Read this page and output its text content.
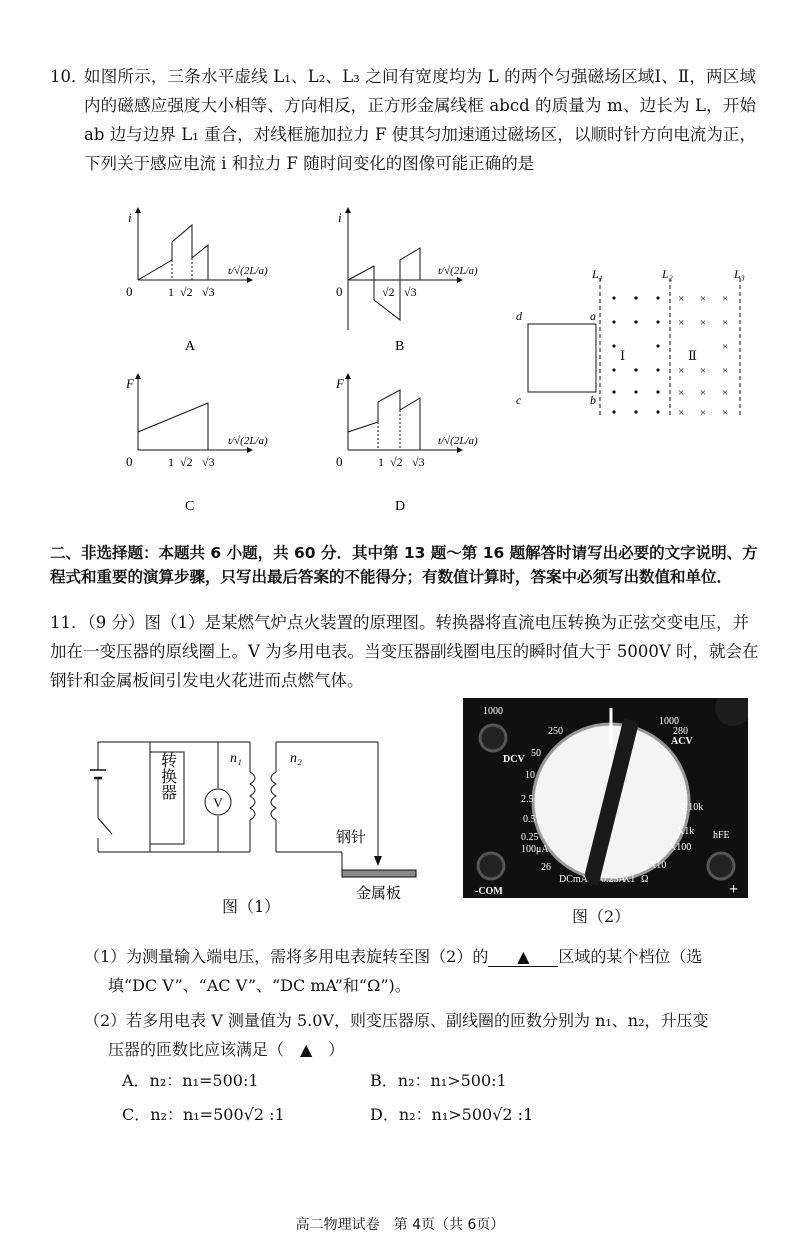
10．
如图所示，三条水平虚线 L₁、L₂、L₃ 之间有宽度均为 L 的两个匀强磁场区域Ⅰ、Ⅱ，两区域内的磁感应强度大小相等、方向相反，正方形金属线框 abcd 的质量为 m、边长为 L，开始 ab 边与边界 L₁ 重合，对线框施加拉力 F 使其匀加速通过磁场区，以顺时针方向电流为正，下列关于感应电流 i 和拉力 F 随时间变化的图像可能正确的是
i
0	1 √2 √3
t/√(2L/a)
A
i
0	√2 √3
t/√(2L/a)
B
F
0	1 √2 √3
t/√(2L/a)
C
F
0	1 √2 √3
t/√(2L/a)
D
L₁	L₂	L₃
a
b
c
d
Ⅰ	Ⅱ
× × ×
× × ×
×
× × ×
× × ×
× × ×
二、非选择题：本题共 6 小题，共 60 分．其中第 13 题～第 16 题解答时请写出必要的文字说明、方程式和重要的演算步骤，只写出最后答案的不能得分；有数值计算时，答案中必须写出数值和单位．
11．（9 分）图（1）是某燃气炉点火装置的原理图。转换器将直流电压转换为正弦交变电压，并加在一变压器的原线圈上。V 为多用电表。当变压器副线圈电压的瞬时值大于 5000V 时，就会在钢针和金属板间引发电火花进而点燃气体。
转换器
V
n₁	n₂
钢针
金属板
图（1）
1000
250
50
10
2.5
0.5
0.25
100μA
26
DCV
ACV
1000
280
X10k
X1k
X100
X10
X1 Ω
hFE
DCmA 0.25A
-COM	+
图（2）
（1）为测量输入端电压，需将多用电表旋转至图（2）的 ▲ 区域的某个档位（选
填“DC V”、“AC V”、“DC mA”和“Ω”)。
（2）若多用电表 V 测量值为 5.0V，则变压器原、副线圈的匝数分别为 n₁、n₂，升压变
压器的匝数比应该满足（　▲　）
A．n₂：n₁=500:1	B．n₂：n₁>500:1
C．n₂：n₁=500√2 :1	D．n₂：n₁>500√2 :1
高二物理试卷　第 4页（共 6页）
